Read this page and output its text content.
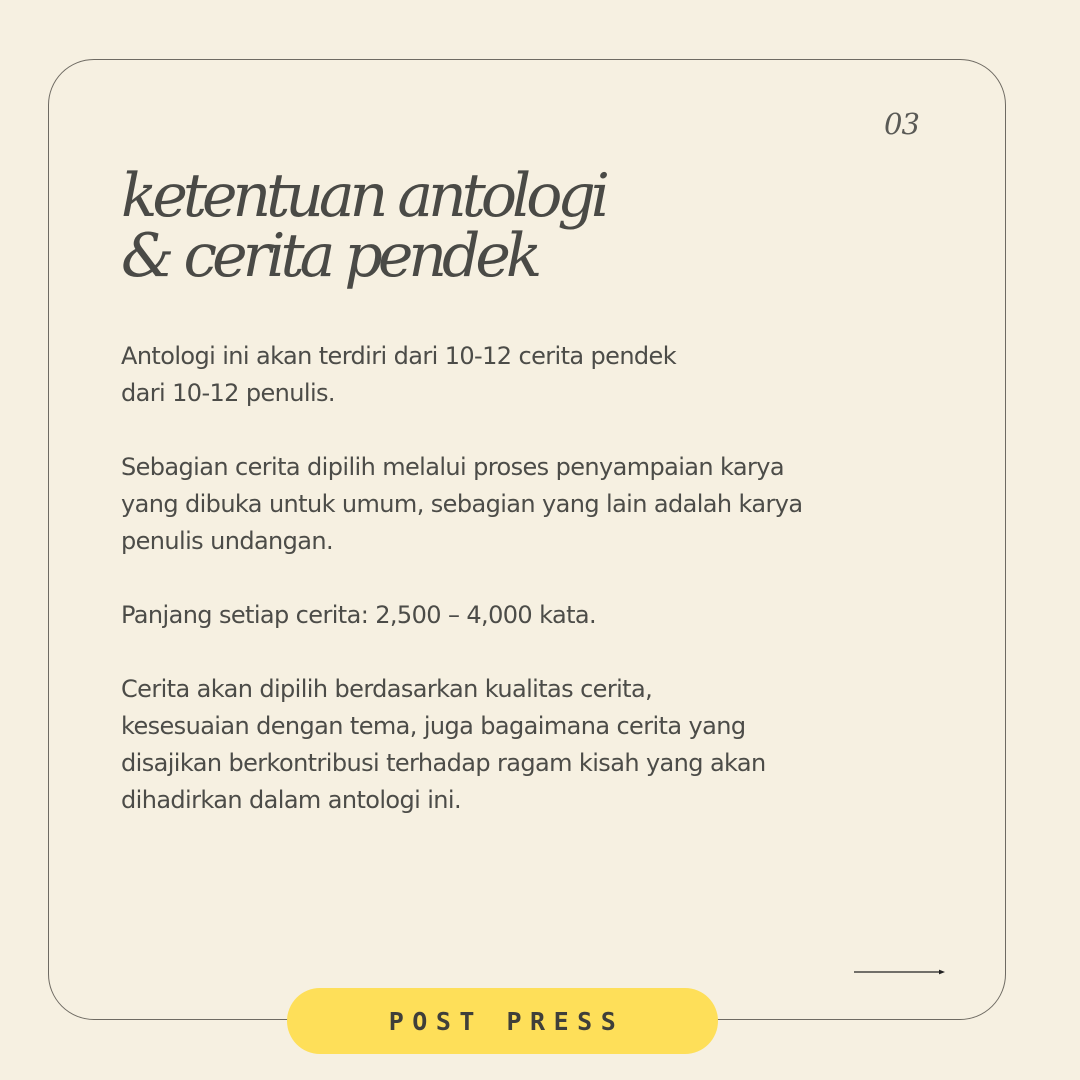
03
ketentuan antologi
& cerita pendek

Antologi ini akan terdiri dari 10-12 cerita pendek
dari 10-12 penulis.

Sebagian cerita dipilih melalui proses penyampaian karya
yang dibuka untuk umum, sebagian yang lain adalah karya
penulis undangan.

Panjang setiap cerita: 2,500 – 4,000 kata.

Cerita akan dipilih berdasarkan kualitas cerita,
kesesuaian dengan tema, juga bagaimana cerita yang
disajikan berkontribusi terhadap ragam kisah yang akan
dihadirkan dalam antologi ini.

POST PRESS
